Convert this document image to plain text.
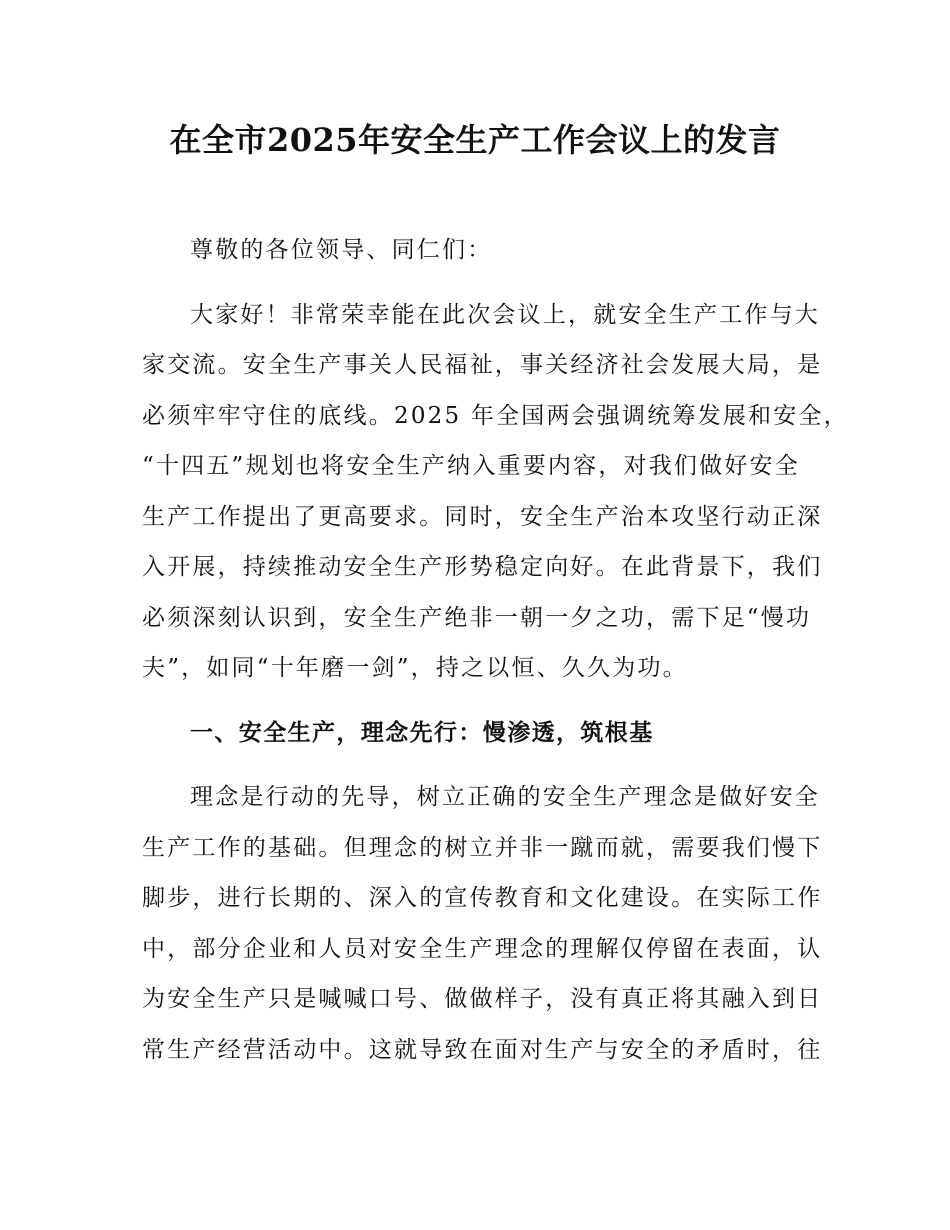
在全市2025年安全生产工作会议上的发言
尊敬的各位领导、同仁们：
大家好！非常荣幸能在此次会议上，就安全生产工作与大
家交流。安全生产事关人民福祉，事关经济社会发展大局，是
必须牢牢守住的底线。2025 年全国两会强调统筹发展和安全，
“十四五”规划也将安全生产纳入重要内容，对我们做好安全
生产工作提出了更高要求。同时，安全生产治本攻坚行动正深
入开展，持续推动安全生产形势稳定向好。在此背景下，我们
必须深刻认识到，安全生产绝非一朝一夕之功，需下足“慢功
夫”，如同“十年磨一剑”，持之以恒、久久为功。
一、安全生产，理念先行：慢渗透，筑根基
理念是行动的先导，树立正确的安全生产理念是做好安全
生产工作的基础。但理念的树立并非一蹴而就，需要我们慢下
脚步，进行长期的、深入的宣传教育和文化建设。在实际工作
中，部分企业和人员对安全生产理念的理解仅停留在表面，认
为安全生产只是喊喊口号、做做样子，没有真正将其融入到日
常生产经营活动中。这就导致在面对生产与安全的矛盾时，往
